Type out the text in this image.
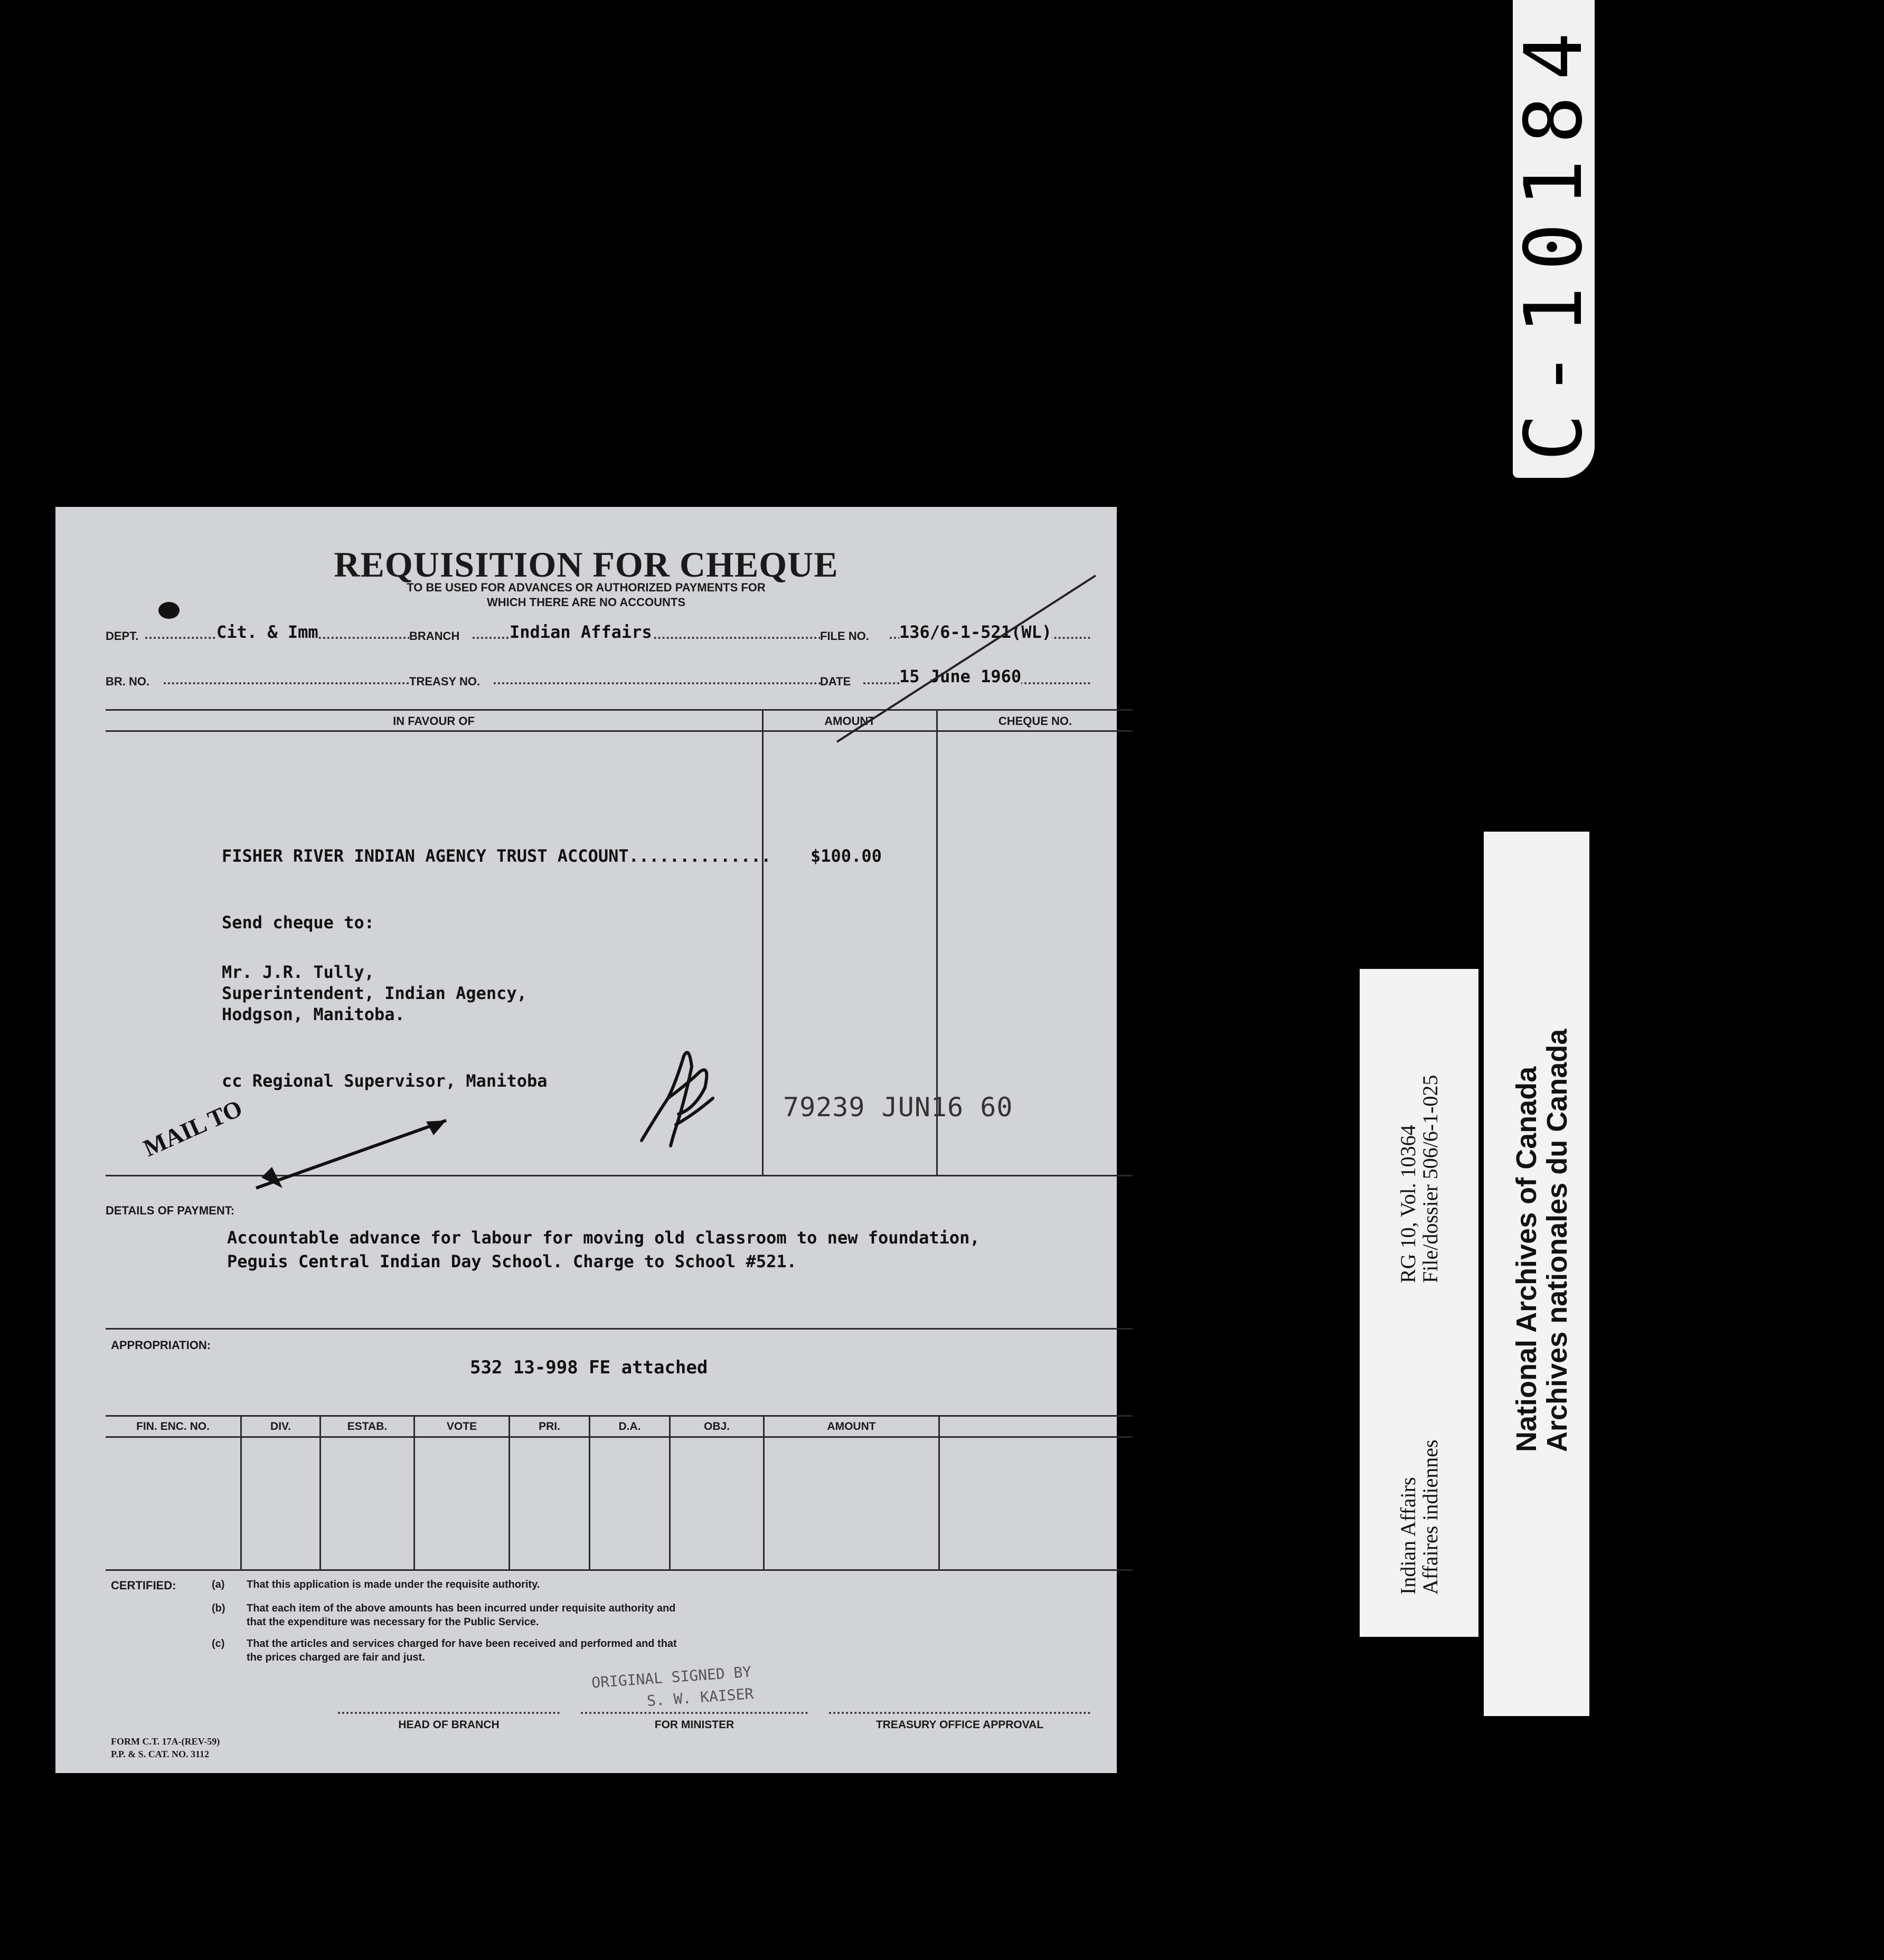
C-10184
Indian Affairs
Affaires indiennes
RG 10, Vol. 10364
File/dossier 506/6-1-025 National Archives of Canada
Archives nationales du Canada
REQUISITION FOR CHEQUE
TO BE USED FOR ADVANCES OR AUTHORIZED PAYMENTS FOR
WHICH THERE ARE NO ACCOUNTS
DEPT.	Cit. & Imm	BRANCH	Indian Affairs	FILE NO. 136/6-1-521(WL)
BR. NO.	TREASY NO.	DATE	15 June 1960
IN FAVOUR OF	AMOUNT	CHEQUE NO.
FISHER RIVER INDIAN AGENCY TRUST ACCOUNT.............. $100.00
Send cheque to:
Mr. J.R. Tully,
Superintendent, Indian Agency,
Hodgson, Manitoba.
cc Regional Supervisor, Manitoba
79239 JUN16 60
MAIL TO
DETAILS OF PAYMENT:
Accountable advance for labour for moving old classroom to new foundation,
Peguis Central Indian Day School. Charge to School #521.
APPROPRIATION:
532 13-998 FE attached
FIN. ENC. NO.	DIV.	ESTAB.	VOTE	PRI.	D.A.	OBJ.	AMOUNT
CERTIFIED:	(a) That this application is made under the requisite authority.
(b) That each item of the above amounts has been incurred under requisite authority and
that the expenditure was necessary for the Public Service.
(c) That the articles and services charged for have been received and performed and that
the prices charged are fair and just.
ORIGINAL SIGNED BY
S. W. KAISER
HEAD OF BRANCH	FOR MINISTER	TREASURY OFFICE APPROVAL
FORM C.T. 17A-(REV-59)
P.P. & S. CAT. NO. 3112
